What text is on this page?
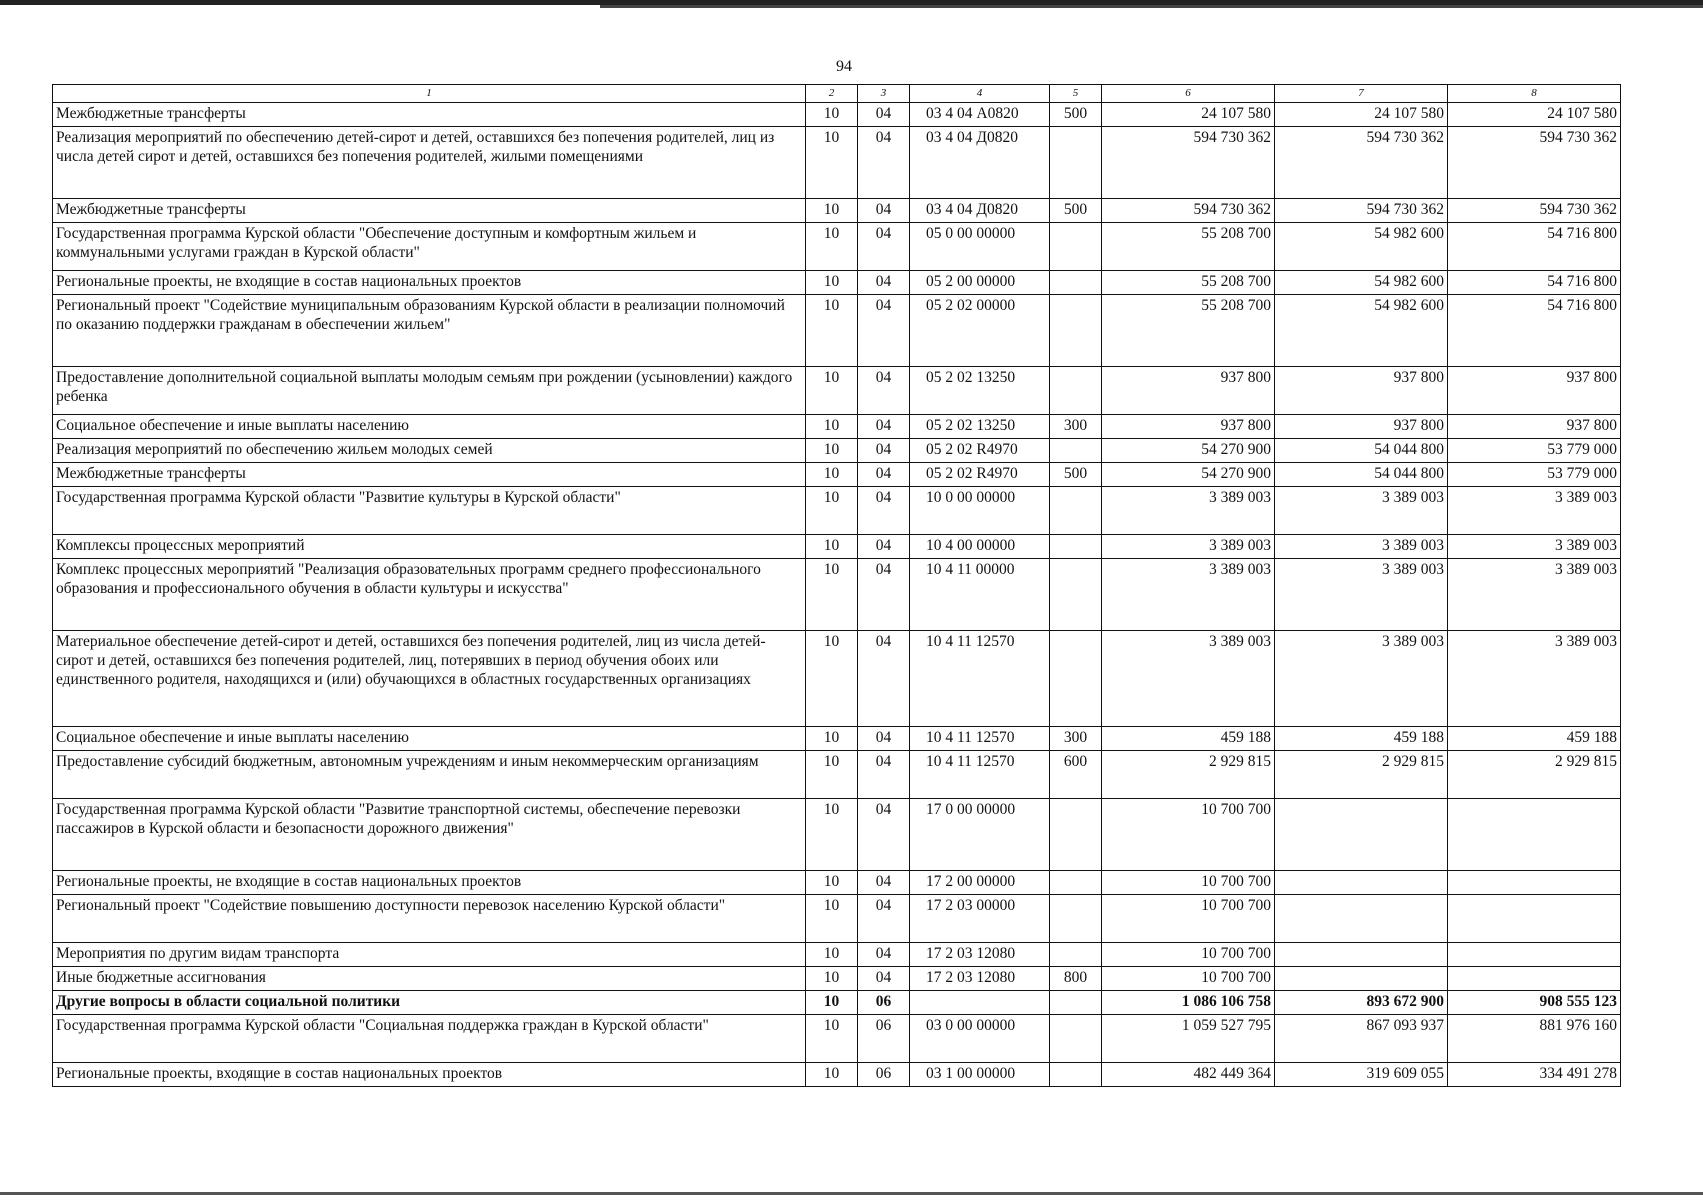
94
1	2	3	4	5	6	7	8
Межбюджетные трансферты	10	04	03 4 04 А0820	500	24 107 580	24 107 580	24 107 580
Реализация мероприятий по обеспечению детей-сирот и детей, оставшихся без попечения родителей, лиц из числа детей сирот и детей, оставшихся без попечения родителей, жилыми помещениями	10	04	03 4 04 Д0820		594 730 362	594 730 362	594 730 362
Межбюджетные трансферты	10	04	03 4 04 Д0820	500	594 730 362	594 730 362	594 730 362
Государственная программа Курской области "Обеспечение доступным и комфортным жильем и коммунальными услугами граждан в Курской области"	10	04	05 0 00 00000		55 208 700	54 982 600	54 716 800
Региональные проекты, не входящие в состав национальных проектов	10	04	05 2 00 00000		55 208 700	54 982 600	54 716 800
Региональный проект "Содействие муниципальным образованиям Курской области в реализации полномочий по оказанию поддержки гражданам в обеспечении жильем"	10	04	05 2 02 00000		55 208 700	54 982 600	54 716 800
Предоставление дополнительной социальной выплаты молодым семьям при рождении (усыновлении) каждого ребенка	10	04	05 2 02 13250		937 800	937 800	937 800
Социальное обеспечение и иные выплаты населению	10	04	05 2 02 13250	300	937 800	937 800	937 800
Реализация мероприятий по обеспечению жильем молодых семей	10	04	05 2 02 R4970		54 270 900	54 044 800	53 779 000
Межбюджетные трансферты	10	04	05 2 02 R4970	500	54 270 900	54 044 800	53 779 000
Государственная программа Курской области "Развитие культуры в Курской области"	10	04	10 0 00 00000		3 389 003	3 389 003	3 389 003
Комплексы процессных мероприятий	10	04	10 4 00 00000		3 389 003	3 389 003	3 389 003
Комплекс процессных мероприятий "Реализация образовательных программ среднего профессионального образования и профессионального обучения в области культуры и искусства"	10	04	10 4 11 00000		3 389 003	3 389 003	3 389 003
Материальное обеспечение детей-сирот и детей, оставшихся без попечения родителей, лиц из числа детей-сирот и детей, оставшихся без попечения родителей, лиц, потерявших в период обучения обоих или единственного родителя, находящихся и (или) обучающихся в областных государственных организациях	10	04	10 4 11 12570		3 389 003	3 389 003	3 389 003
Социальное обеспечение и иные выплаты населению	10	04	10 4 11 12570	300	459 188	459 188	459 188
Предоставление субсидий бюджетным, автономным учреждениям и иным некоммерческим организациям	10	04	10 4 11 12570	600	2 929 815	2 929 815	2 929 815
Государственная программа Курской области "Развитие транспортной системы, обеспечение перевозки пассажиров в Курской области и безопасности дорожного движения"	10	04	17 0 00 00000		10 700 700		
Региональные проекты, не входящие в состав национальных проектов	10	04	17 2 00 00000		10 700 700		
Региональный проект "Содействие повышению доступности перевозок населению Курской области"	10	04	17 2 03 00000		10 700 700		
Мероприятия по другим видам транспорта	10	04	17 2 03 12080		10 700 700		
Иные бюджетные ассигнования	10	04	17 2 03 12080	800	10 700 700		
Другие вопросы в области социальной политики	10	06			1 086 106 758	893 672 900	908 555 123
Государственная программа Курской области "Социальная поддержка граждан в Курской области"	10	06	03 0 00 00000		1 059 527 795	867 093 937	881 976 160
Региональные проекты, входящие в состав национальных проектов	10	06	03 1 00 00000		482 449 364	319 609 055	334 491 278
